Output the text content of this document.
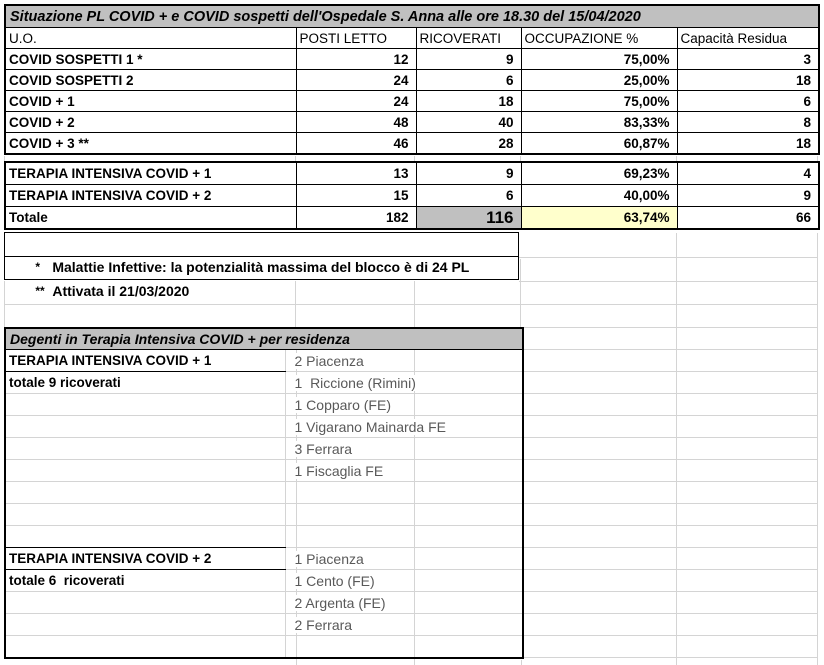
Situazione PL COVID + e COVID sospetti dell'Ospedale S. Anna alle ore 18.30 del 15/04/2020				
U.O.	POSTI LETTO	RICOVERATI	OCCUPAZIONE %	Capacità Residua
COVID SOSPETTI 1 *	12	9	75,00%	3
COVID SOSPETTI 2	24	6	25,00%	18
COVID + 1	24	18	75,00%	6
COVID + 2	48	40	83,33%	8
COVID + 3 **	46	28	60,87%	18
TERAPIA INTENSIVA COVID + 1	13	9	69,23%	4
TERAPIA INTENSIVA COVID + 2	15	6	40,00%	9
Totale	182	116	63,74%	66

* Malattie Infettive: la potenzialità massima del blocco è di 24 PL

** Attivata il 21/03/2020

Degenti in Terapia Intensiva COVID + per residenza	
TERAPIA INTENSIVA COVID + 1	2 Piacenza
totale 9 ricoverati	1  Riccione (Rimini)
	1 Copparo (FE)
	1 Vigarano Mainarda FE
	3 Ferrara
	1 Fiscaglia FE

TERAPIA INTENSIVA COVID + 2	1 Piacenza
totale 6  ricoverati	1 Cento (FE)
	2 Argenta (FE)
	2 Ferrara
